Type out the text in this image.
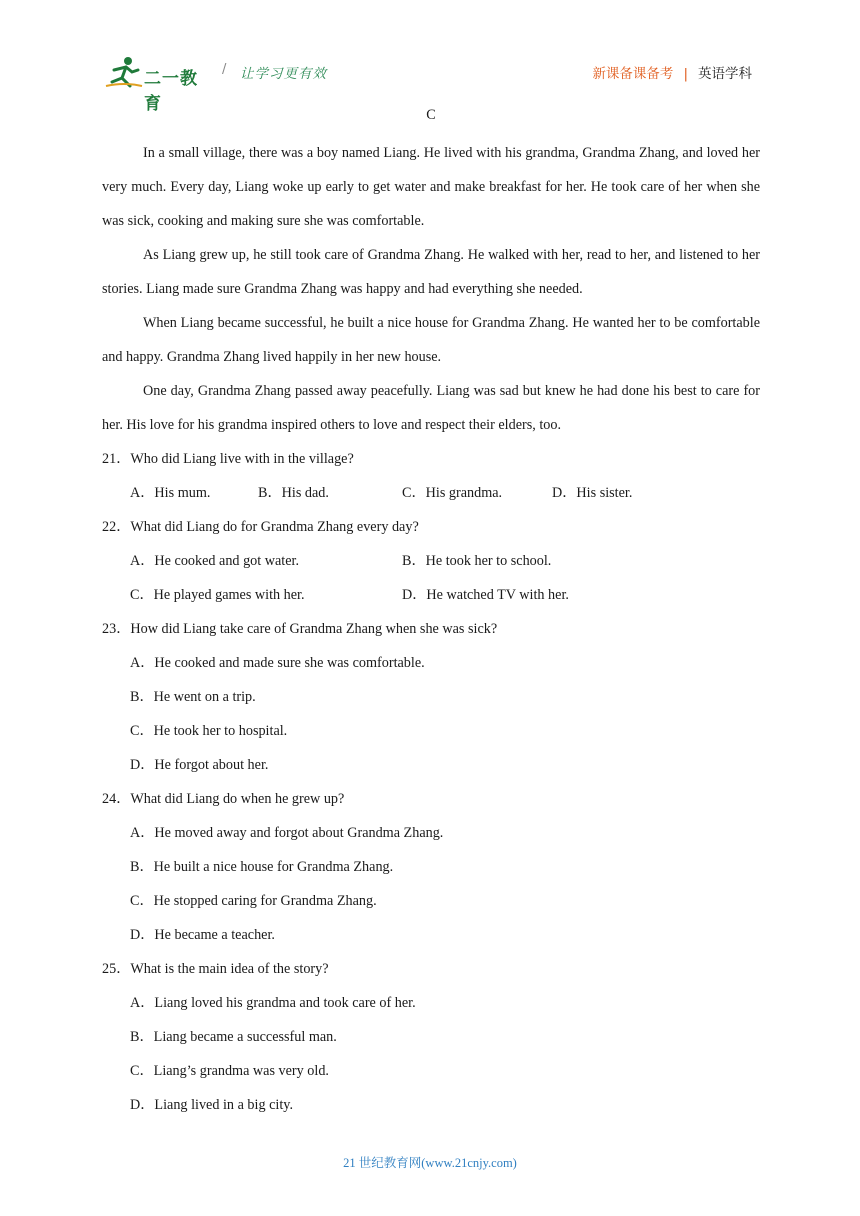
二一教育
/ 让学习更有效	新课备课备考 | 英语学科
C

In a small village, there was a boy named Liang. He lived with his grandma, Grandma Zhang, and loved her very much. Every day, Liang woke up early to get water and make breakfast for her. He took care of her when she was sick, cooking and making sure she was comfortable.

As Liang grew up, he still took care of Grandma Zhang. He walked with her, read to her, and listened to her stories. Liang made sure Grandma Zhang was happy and had everything she needed.

When Liang became successful, he built a nice house for Grandma Zhang. He wanted her to be comfortable and happy. Grandma Zhang lived happily in her new house.

One day, Grandma Zhang passed away peacefully. Liang was sad but knew he had done his best to care for her. His love for his grandma inspired others to love and respect their elders, too.

21．Who did Liang live with in the village?

A．His mum.	B．His dad.	C．His grandma.	D．His sister.

22．What did Liang do for Grandma Zhang every day?

A．He cooked and got water.	B．He took her to school.
C．He played games with her.	D．He watched TV with her.

23．How did Liang take care of Grandma Zhang when she was sick?

A．He cooked and made sure she was comfortable.

B．He went on a trip.

C．He took her to hospital.

D．He forgot about her.

24．What did Liang do when he grew up?

A．He moved away and forgot about Grandma Zhang.

B．He built a nice house for Grandma Zhang.

C．He stopped caring for Grandma Zhang.

D．He became a teacher.

25．What is the main idea of the story?

A．Liang loved his grandma and took care of her.

B．Liang became a successful man.

C．Liang’s grandma was very old.

D．Liang lived in a big city.

21 世纪教育网(www.21cnjy.com)
